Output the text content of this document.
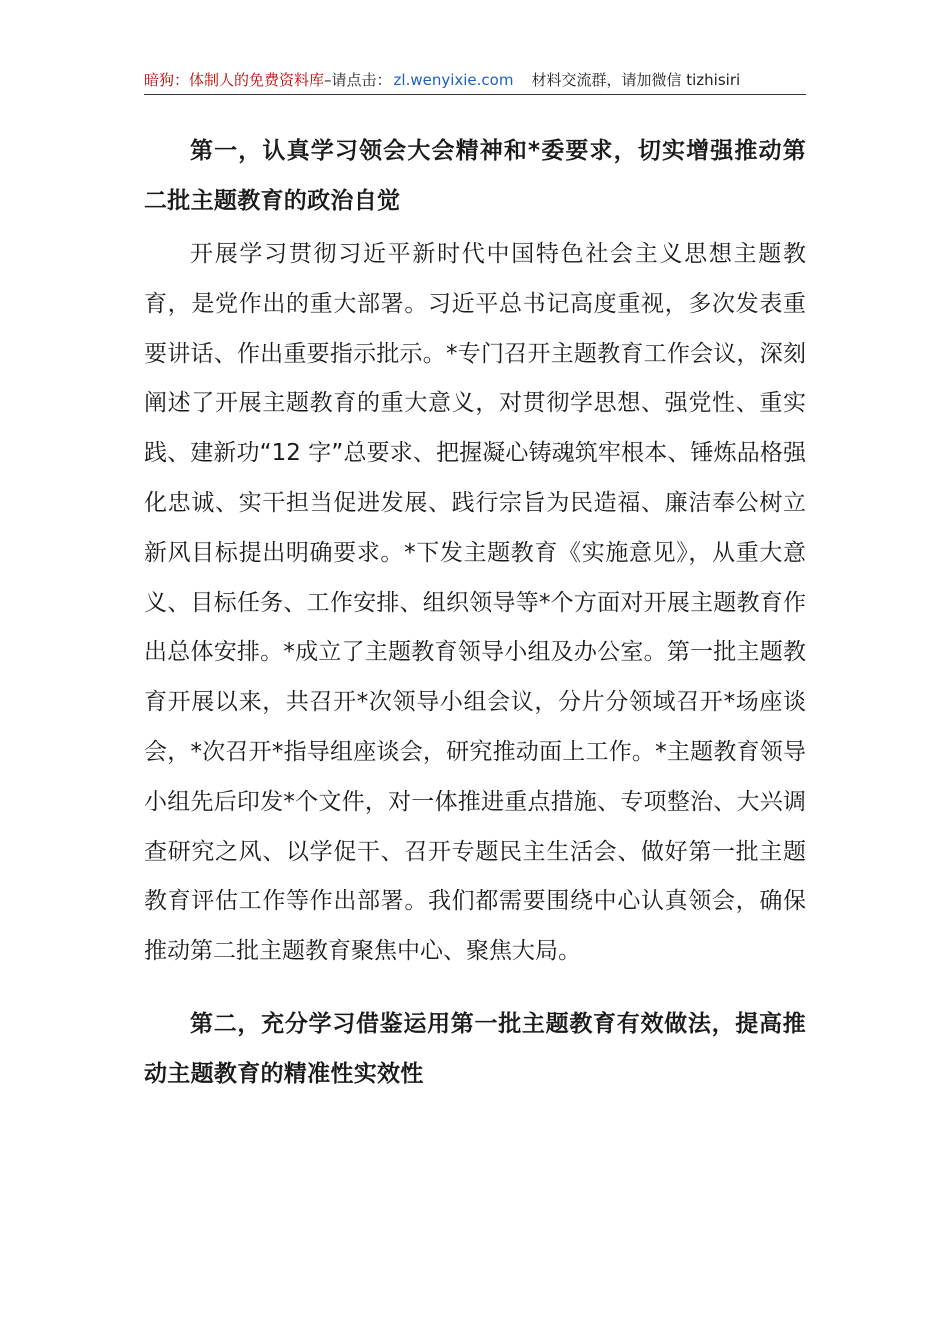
暗狗：体制人的免费资料库–请点击： zl.wenyixie.com 材料交流群，请加微信 tizhisiri

第一，认真学习领会大会精神和*委要求，切实增强推动第二批主题教育的政治自觉

开展学习贯彻习近平新时代中国特色社会主义思想主题教育，是党作出的重大部署。习近平总书记高度重视，多次发表重要讲话、作出重要指示批示。*专门召开主题教育工作会议，深刻阐述了开展主题教育的重大意义，对贯彻学思想、强党性、重实践、建新功“12 字”总要求、把握凝心铸魂筑牢根本、锤炼品格强化忠诚、实干担当促进发展、践行宗旨为民造福、廉洁奉公树立新风目标提出明确要求。*下发主题教育《实施意见》，从重大意义、目标任务、工作安排、组织领导等*个方面对开展主题教育作出总体安排。*成立了主题教育领导小组及办公室。第一批主题教育开展以来，共召开*次领导小组会议，分片分领域召开*场座谈会，*次召开*指导组座谈会，研究推动面上工作。*主题教育领导小组先后印发*个文件，对一体推进重点措施、专项整治、大兴调查研究之风、以学促干、召开专题民主生活会、做好第一批主题教育评估工作等作出部署。我们都需要围绕中心认真领会，确保推动第二批主题教育聚焦中心、聚焦大局。

第二，充分学习借鉴运用第一批主题教育有效做法，提高推动主题教育的精准性实效性
